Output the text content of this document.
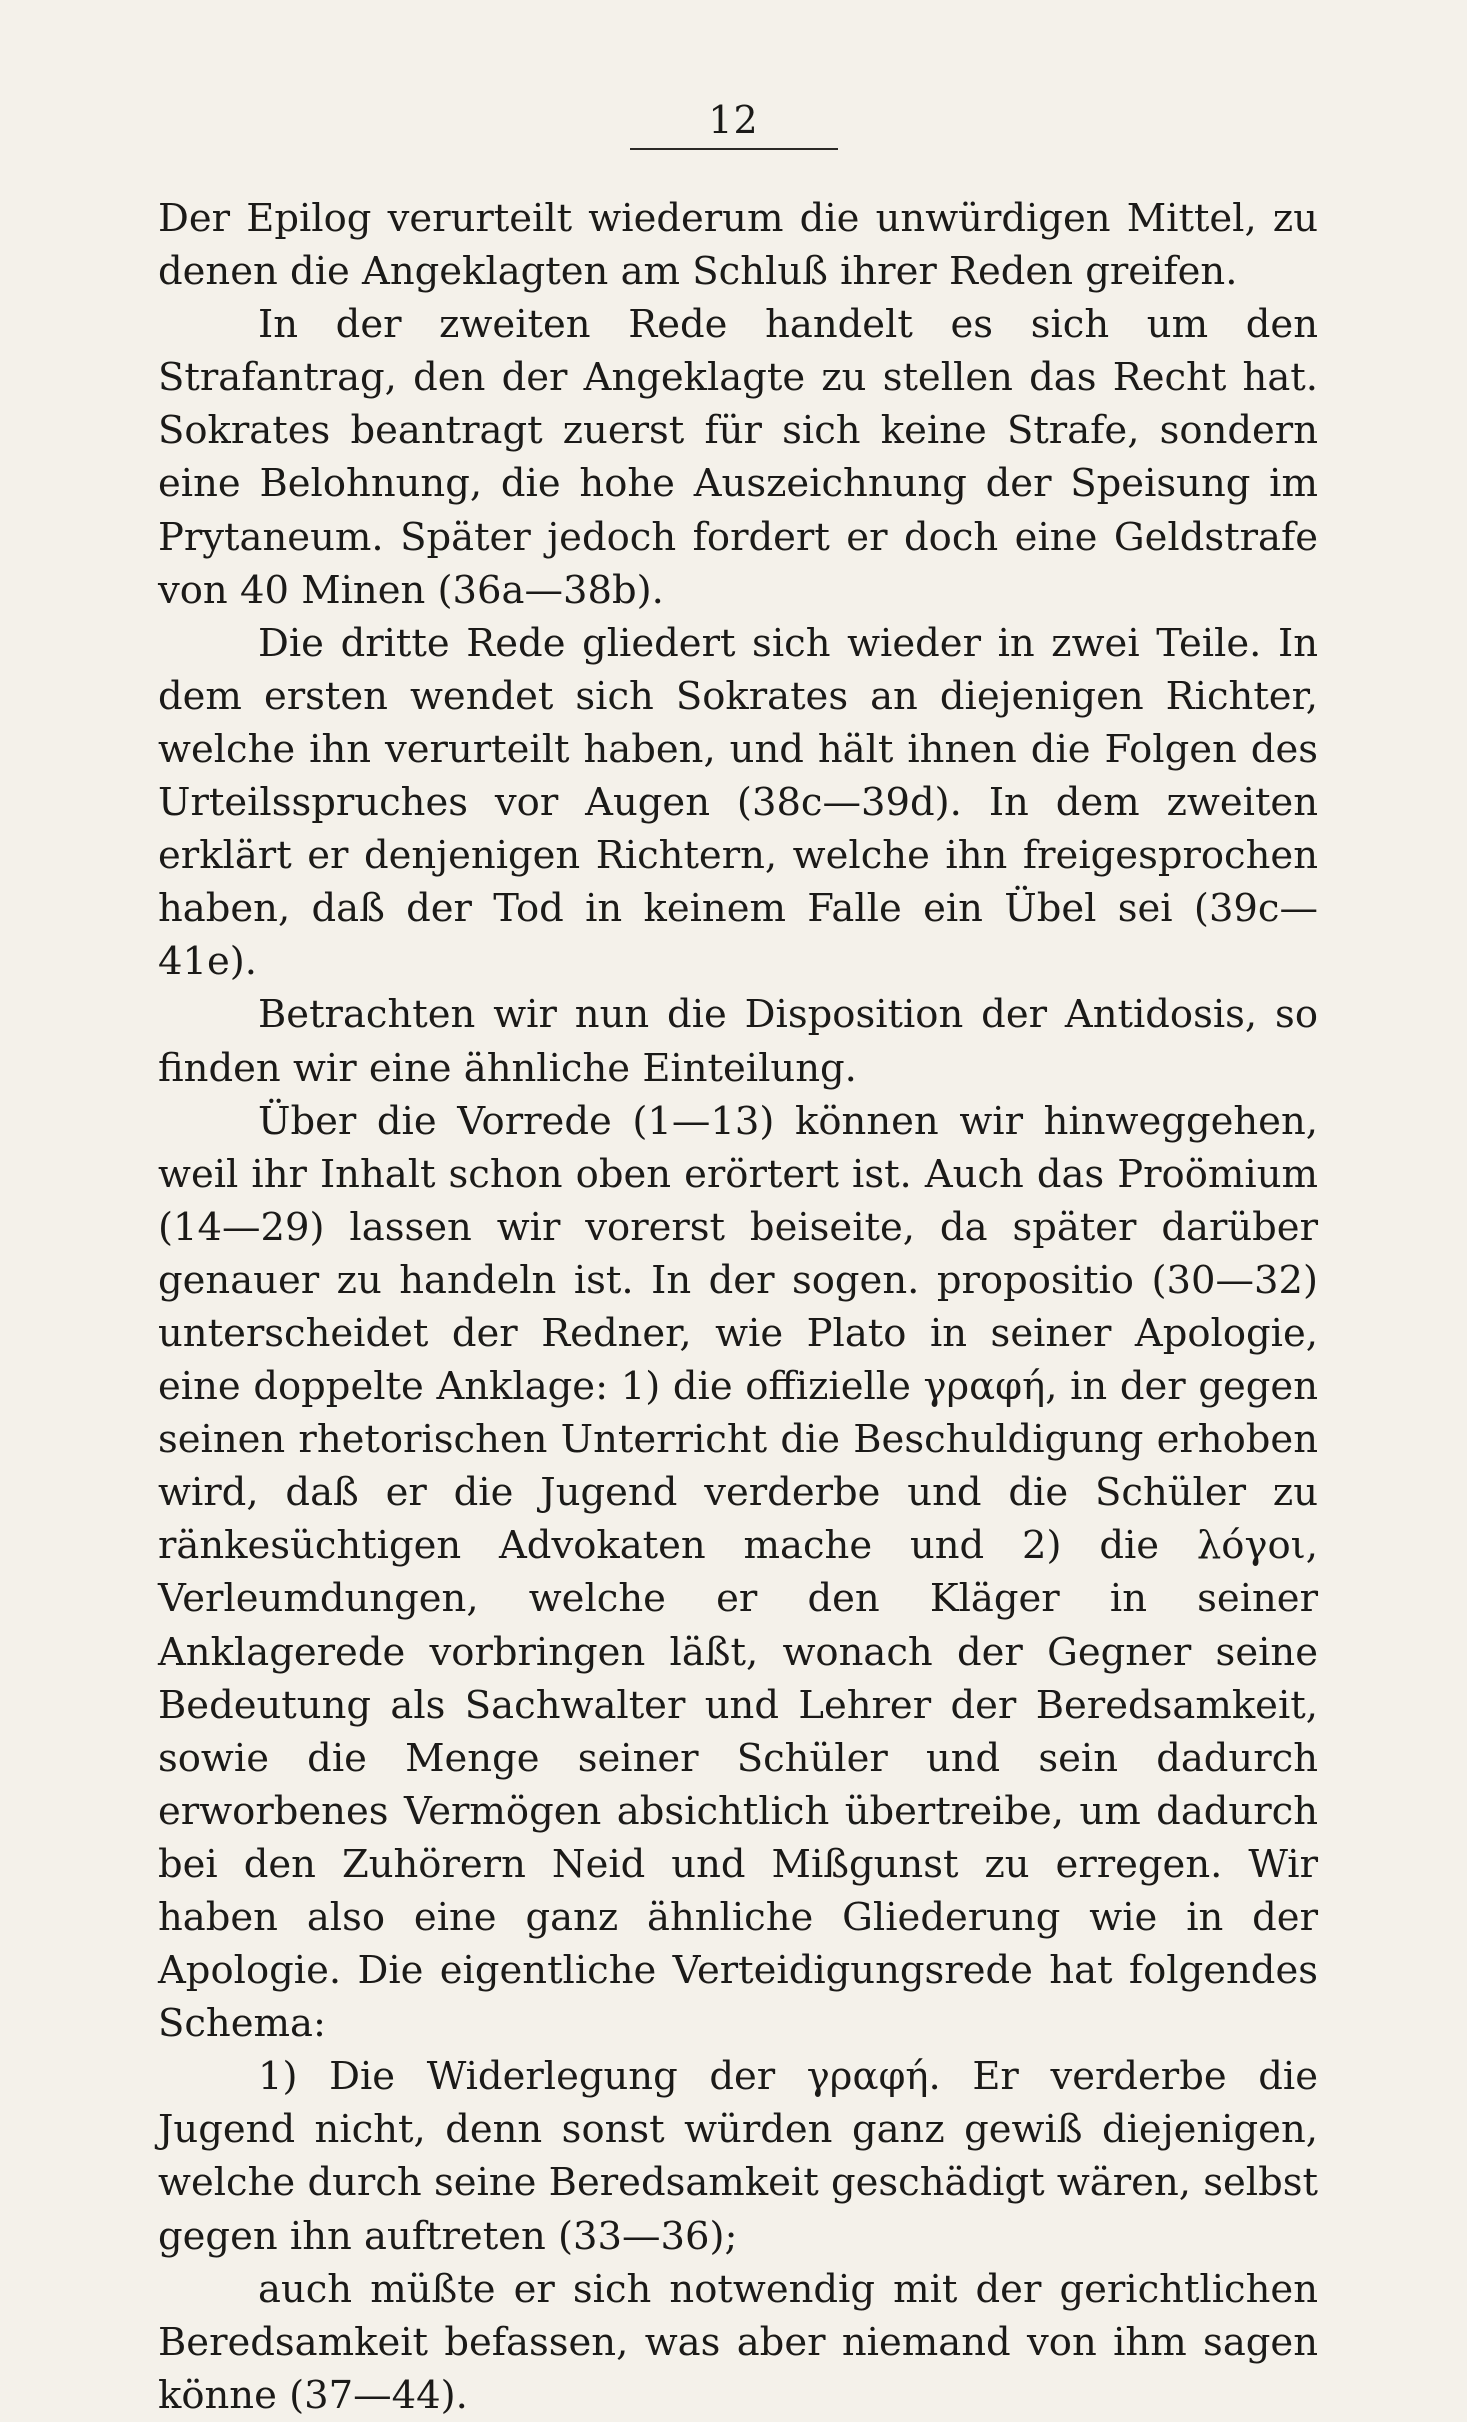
12

Der Epilog verurteilt wiederum die unwürdigen Mittel, zu denen die Angeklagten am Schluß ihrer Reden greifen.

In der zweiten Rede handelt es sich um den Strafantrag, den der Angeklagte zu stellen das Recht hat. Sokrates beantragt zuerst für sich keine Strafe, sondern eine Belohnung, die hohe Auszeichnung der Speisung im Prytaneum. Später jedoch fordert er doch eine Geldstrafe von 40 Minen (36a—38b).

Die dritte Rede gliedert sich wieder in zwei Teile. In dem ersten wendet sich Sokrates an diejenigen Richter, welche ihn verurteilt haben, und hält ihnen die Folgen des Urteilsspruches vor Augen (38c—39d). In dem zweiten erklärt er denjenigen Richtern, welche ihn freigesprochen haben, daß der Tod in keinem Falle ein Übel sei (39c—41e).

Betrachten wir nun die Disposition der Antidosis, so finden wir eine ähnliche Einteilung.

Über die Vorrede (1—13) können wir hinweggehen, weil ihr Inhalt schon oben erörtert ist. Auch das Proömium (14—29) lassen wir vorerst beiseite, da später darüber genauer zu handeln ist. In der sogen. propositio (30—32) unterscheidet der Redner, wie Plato in seiner Apologie, eine doppelte Anklage: 1) die offizielle γραφή, in der gegen seinen rhetorischen Unterricht die Beschuldigung erhoben wird, daß er die Jugend verderbe und die Schüler zu ränkesüchtigen Advokaten mache und 2) die λόγοι, Verleumdungen, welche er den Kläger in seiner Anklagerede vorbringen läßt, wonach der Gegner seine Bedeutung als Sachwalter und Lehrer der Beredsamkeit, sowie die Menge seiner Schüler und sein dadurch erworbenes Vermögen absichtlich übertreibe, um dadurch bei den Zuhörern Neid und Mißgunst zu erregen. Wir haben also eine ganz ähnliche Gliederung wie in der Apologie. Die eigentliche Verteidigungsrede hat folgendes Schema:

1) Die Widerlegung der γραφή. Er verderbe die Jugend nicht, denn sonst würden ganz gewiß diejenigen, welche durch seine Beredsamkeit geschädigt wären, selbst gegen ihn auftreten (33—36);

auch müßte er sich notwendig mit der gerichtlichen Beredsamkeit befassen, was aber niemand von ihm sagen könne (37—44).
